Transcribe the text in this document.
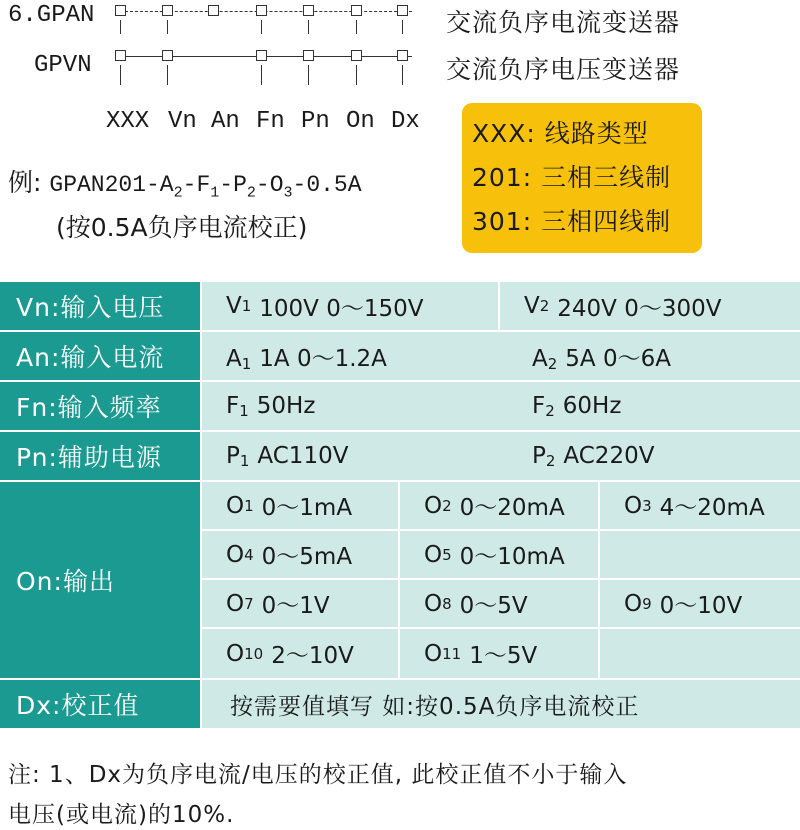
6.GPAN	交流负序电流变送器
GPVN	交流负序电压变送器
XXX Vn An Fn Pn On Dx
例: $GPAN201-A_2-F_1-P_2-O_3-0.5A$
(按0.5A负序电流校正)
XXX: 线路类型
201: 三相三线制
301: 三相四线制
Vn:输入电压	V 1 100V 0～150V	V 2 240V 0～300V
An:输入电流	$A_1$ 1A 0～1.2A	$A_2$ 5A 0～6A
Fn:输入频率	$F_1$ 50Hz	$F_2$ 60Hz
Pn:辅助电源	$P_1$ AC110V	$P_2$ AC220V
On:输出
O 1 0～1mA	O 2 0～20mA	O 3 4～20mA
O 4 0～5mA	O 5 0～10mA
O 7 0～1V	O 8 0～5V	O 9 0～10V
O 10 2～10V	O 11 1～5V
Dx:校正值	按需要值填写 如:按0.5A负序电流校正
注: 1、Dx为负序电流/电压的校正值, 此校正值不小于输入
电压(或电流)的10%.
